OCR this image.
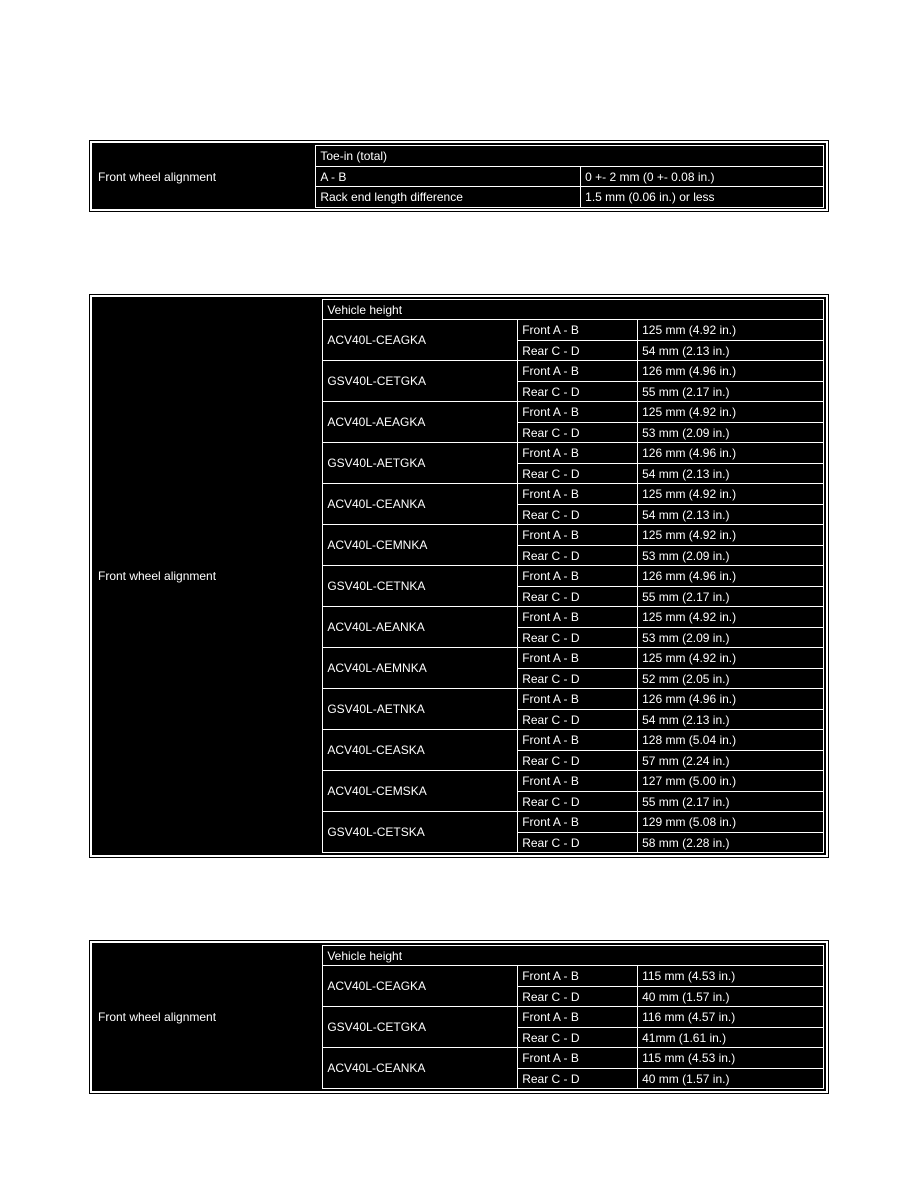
Front wheel alignment	Toe-in (total)	
	A - B	0 +- 2 mm (0 +- 0.08 in.)
	Rack end length difference	1.5 mm (0.06 in.) or less
Front wheel alignment	Vehicle height		
	ACV40L-CEAGKA	Front A - B	125 mm (4.92 in.)
		Rear C - D	54 mm (2.13 in.)
	GSV40L-CETGKA	Front A - B	126 mm (4.96 in.)
		Rear C - D	55 mm (2.17 in.)
	ACV40L-AEAGKA	Front A - B	125 mm (4.92 in.)
		Rear C - D	53 mm (2.09 in.)
	GSV40L-AETGKA	Front A - B	126 mm (4.96 in.)
		Rear C - D	54 mm (2.13 in.)
	ACV40L-CEANKA	Front A - B	125 mm (4.92 in.)
		Rear C - D	54 mm (2.13 in.)
	ACV40L-CEMNKA	Front A - B	125 mm (4.92 in.)
		Rear C - D	53 mm (2.09 in.)
	GSV40L-CETNKA	Front A - B	126 mm (4.96 in.)
		Rear C - D	55 mm (2.17 in.)
	ACV40L-AEANKA	Front A - B	125 mm (4.92 in.)
		Rear C - D	53 mm (2.09 in.)
	ACV40L-AEMNKA	Front A - B	125 mm (4.92 in.)
		Rear C - D	52 mm (2.05 in.)
	GSV40L-AETNKA	Front A - B	126 mm (4.96 in.)
		Rear C - D	54 mm (2.13 in.)
	ACV40L-CEASKA	Front A - B	128 mm (5.04 in.)
		Rear C - D	57 mm (2.24 in.)
	ACV40L-CEMSKA	Front A - B	127 mm (5.00 in.)
		Rear C - D	55 mm (2.17 in.)
	GSV40L-CETSKA	Front A - B	129 mm (5.08 in.)
		Rear C - D	58 mm (2.28 in.)
Front wheel alignment	Vehicle height		
	ACV40L-CEAGKA	Front A - B	115 mm (4.53 in.)
		Rear C - D	40 mm (1.57 in.)
	GSV40L-CETGKA	Front A - B	116 mm (4.57 in.)
		Rear C - D	41mm (1.61 in.)
	ACV40L-CEANKA	Front A - B	115 mm (4.53 in.)
		Rear C - D	40 mm (1.57 in.)
